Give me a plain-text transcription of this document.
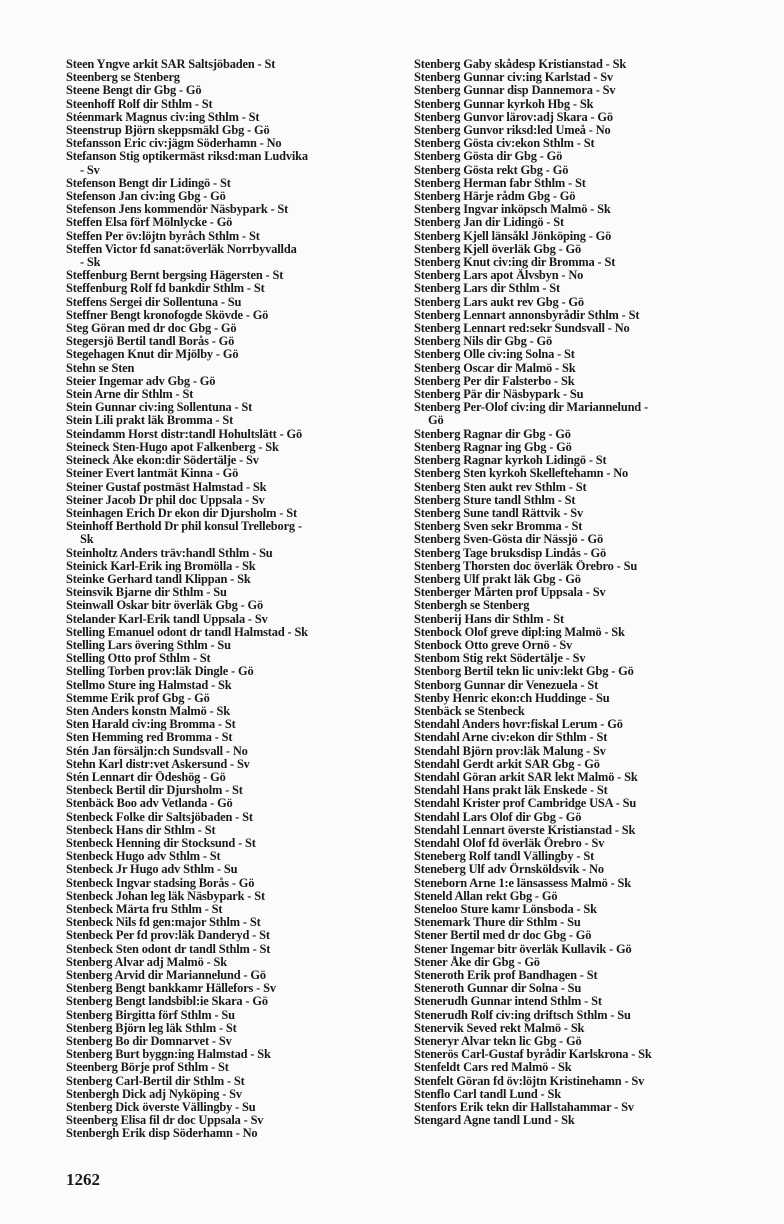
Steen Yngve arkit SAR Saltsjöbaden - St
Steenberg se Stenberg
Steene Bengt dir Gbg - Gö
Steenhoff Rolf dir Sthlm - St
Stéenmark Magnus civ:ing Sthlm - St
Steenstrup Björn skeppsmäkl Gbg - Gö
Stefansson Eric civ:jägm Söderhamn - No
Stefanson Stig optikermäst riksd:man Ludvika
- Sv
Stefenson Bengt dir Lidingö - St
Stefenson Jan civ:ing Gbg - Gö
Stefenson Jens kommendör Näsbypark - St
Steffen Elsa förf Mölnlycke - Gö
Steffen Per öv:löjtn byråch Sthlm - St
Steffen Victor fd sanat:överläk Norrbyvallda
- Sk
Steffenburg Bernt bergsing Hägersten - St
Steffenburg Rolf fd bankdir Sthlm - St
Steffens Sergei dir Sollentuna - Su
Steffner Bengt kronofogde Skövde - Gö
Steg Göran med dr doc Gbg - Gö
Stegersjö Bertil tandl Borås - Gö
Stegehagen Knut dir Mjölby - Gö
Stehn se Sten
Steier Ingemar adv Gbg - Gö
Stein Arne dir Sthlm - St
Stein Gunnar civ:ing Sollentuna - St
Stein Lili prakt läk Bromma - St
Steindamm Horst distr:tandl Hohultslätt - Gö
Steineck Sten-Hugo apot Falkenberg - Sk
Steineck Åke ekon:dir Södertälje - Sv
Steiner Evert lantmät Kinna - Gö
Steiner Gustaf postmäst Halmstad - Sk
Steiner Jacob Dr phil doc Uppsala - Sv
Steinhagen Erich Dr ekon dir Djursholm - St
Steinhoff Berthold Dr phil konsul Trelleborg -
Sk
Steinholtz Anders träv:handl Sthlm - Su
Steinick Karl-Erik ing Bromölla - Sk
Steinke Gerhard tandl Klippan - Sk
Steinsvik Bjarne dir Sthlm - Su
Steinwall Oskar bitr överläk Gbg - Gö
Stelander Karl-Erik tandl Uppsala - Sv
Stelling Emanuel odont dr tandl Halmstad - Sk
Stelling Lars övering Sthlm - Su
Stelling Otto prof Sthlm - St
Stelling Torben prov:läk Dingle - Gö
Stellmo Sture ing Halmstad - Sk
Stemme Erik prof Gbg - Gö
Sten Anders konstn Malmö - Sk
Sten Harald civ:ing Bromma - St
Sten Hemming red Bromma - St
Stén Jan försäljn:ch Sundsvall - No
Stehn Karl distr:vet Askersund - Sv
Stén Lennart dir Ödeshög - Gö
Stenbeck Bertil dir Djursholm - St
Stenbäck Boo adv Vetlanda - Gö
Stenbeck Folke dir Saltsjöbaden - St
Stenbeck Hans dir Sthlm - St
Stenbeck Henning dir Stocksund - St
Stenbeck Hugo adv Sthlm - St
Stenbeck Jr Hugo adv Sthlm - Su
Stenbeck Ingvar stadsing Borås - Gö
Stenbeck Johan leg läk Näsbypark - St
Stenbeck Märta fru Sthlm - St
Stenbeck Nils fd gen:major Sthlm - St
Stenbeck Per fd prov:läk Danderyd - St
Stenbeck Sten odont dr tandl Sthlm - St
Stenberg Alvar adj Malmö - Sk
Stenberg Arvid dir Mariannelund - Gö
Stenberg Bengt bankkamr Hällefors - Sv
Stenberg Bengt landsbibl:ie Skara - Gö
Stenberg Birgitta förf Sthlm - Su
Stenberg Björn leg läk Sthlm - St
Stenberg Bo dir Domnarvet - Sv
Stenberg Burt byggn:ing Halmstad - Sk
Steenberg Börje prof Sthlm - St
Stenberg Carl-Bertil dir Sthlm - St
Stenbergh Dick adj Nyköping - Sv
Stenberg Dick överste Vällingby - Su
Steenberg Elisa fil dr doc Uppsala - Sv
Stenbergh Erik disp Söderhamn - No
Stenberg Gaby skådesp Kristianstad - Sk
Stenberg Gunnar civ:ing Karlstad - Sv
Stenberg Gunnar disp Dannemora - Sv
Stenberg Gunnar kyrkoh Hbg - Sk
Stenberg Gunvor lärov:adj Skara - Gö
Stenberg Gunvor riksd:led Umeå - No
Stenberg Gösta civ:ekon Sthlm - St
Stenberg Gösta dir Gbg - Gö
Stenberg Gösta rekt Gbg - Gö
Stenberg Herman fabr Sthlm - St
Stenberg Härje rådm Gbg - Gö
Stenberg Ingvar inköpsch Malmö - Sk
Stenberg Jan dir Lidingö - St
Stenberg Kjell länsåkl Jönköping - Gö
Stenberg Kjell överläk Gbg - Gö
Stenberg Knut civ:ing dir Bromma - St
Stenberg Lars apot Älvsbyn - No
Stenberg Lars dir Sthlm - St
Stenberg Lars aukt rev Gbg - Gö
Stenberg Lennart annonsbyrådir Sthlm - St
Stenberg Lennart red:sekr Sundsvall - No
Stenberg Nils dir Gbg - Gö
Stenberg Olle civ:ing Solna - St
Stenberg Oscar dir Malmö - Sk
Stenberg Per dir Falsterbo - Sk
Stenberg Pär dir Näsbypark - Su
Stenberg Per-Olof civ:ing dir Mariannelund -
Gö
Stenberg Ragnar dir Gbg - Gö
Stenberg Ragnar ing Gbg - Gö
Stenberg Ragnar kyrkoh Lidingö - St
Stenberg Sten kyrkoh Skelleftehamn - No
Stenberg Sten aukt rev Sthlm - St
Stenberg Sture tandl Sthlm - St
Stenberg Sune tandl Rättvik - Sv
Stenberg Sven sekr Bromma - St
Stenberg Sven-Gösta dir Nässjö - Gö
Stenberg Tage bruksdisp Lindås - Gö
Stenberg Thorsten doc överläk Örebro - Su
Stenberg Ulf prakt läk Gbg - Gö
Stenberger Mårten prof Uppsala - Sv
Stenbergh se Stenberg
Stenberij Hans dir Sthlm - St
Stenbock Olof greve dipl:ing Malmö - Sk
Stenbock Otto greve Ornö - Sv
Stenbom Stig rekt Södertälje - Sv
Stenborg Bertil tekn lic univ:lekt Gbg - Gö
Stenborg Gunnar dir Venezuela - St
Stenby Henric ekon:ch Huddinge - Su
Stenbäck se Stenbeck
Stendahl Anders hovr:fiskal Lerum - Gö
Stendahl Arne civ:ekon dir Sthlm - St
Stendahl Björn prov:läk Malung - Sv
Stendahl Gerdt arkit SAR Gbg - Gö
Stendahl Göran arkit SAR lekt Malmö - Sk
Stendahl Hans prakt läk Enskede - St
Stendahl Krister prof Cambridge USA - Su
Stendahl Lars Olof dir Gbg - Gö
Stendahl Lennart överste Kristianstad - Sk
Stendahl Olof fd överläk Örebro - Sv
Steneberg Rolf tandl Vällingby - St
Steneberg Ulf adv Örnsköldsvik - No
Steneborn Arne 1:e länsassess Malmö - Sk
Steneld Allan rekt Gbg - Gö
Steneloo Sture kamr Lönsboda - Sk
Stenemark Thure dir Sthlm - Su
Stener Bertil med dr doc Gbg - Gö
Stener Ingemar bitr överläk Kullavik - Gö
Stener Åke dir Gbg - Gö
Steneroth Erik prof Bandhagen - St
Steneroth Gunnar dir Solna - Su
Stenerudh Gunnar intend Sthlm - St
Stenerudh Rolf civ:ing driftsch Sthlm - Su
Stenervik Seved rekt Malmö - Sk
Steneryr Alvar tekn lic Gbg - Gö
Stenerös Carl-Gustaf byrådir Karlskrona - Sk
Stenfeldt Cars red Malmö - Sk
Stenfelt Göran fd öv:löjtn Kristinehamn - Sv
Stenflo Carl tandl Lund - Sk
Stenfors Erik tekn dir Hallstahammar - Sv
Stengard Agne tandl Lund - Sk
1262
